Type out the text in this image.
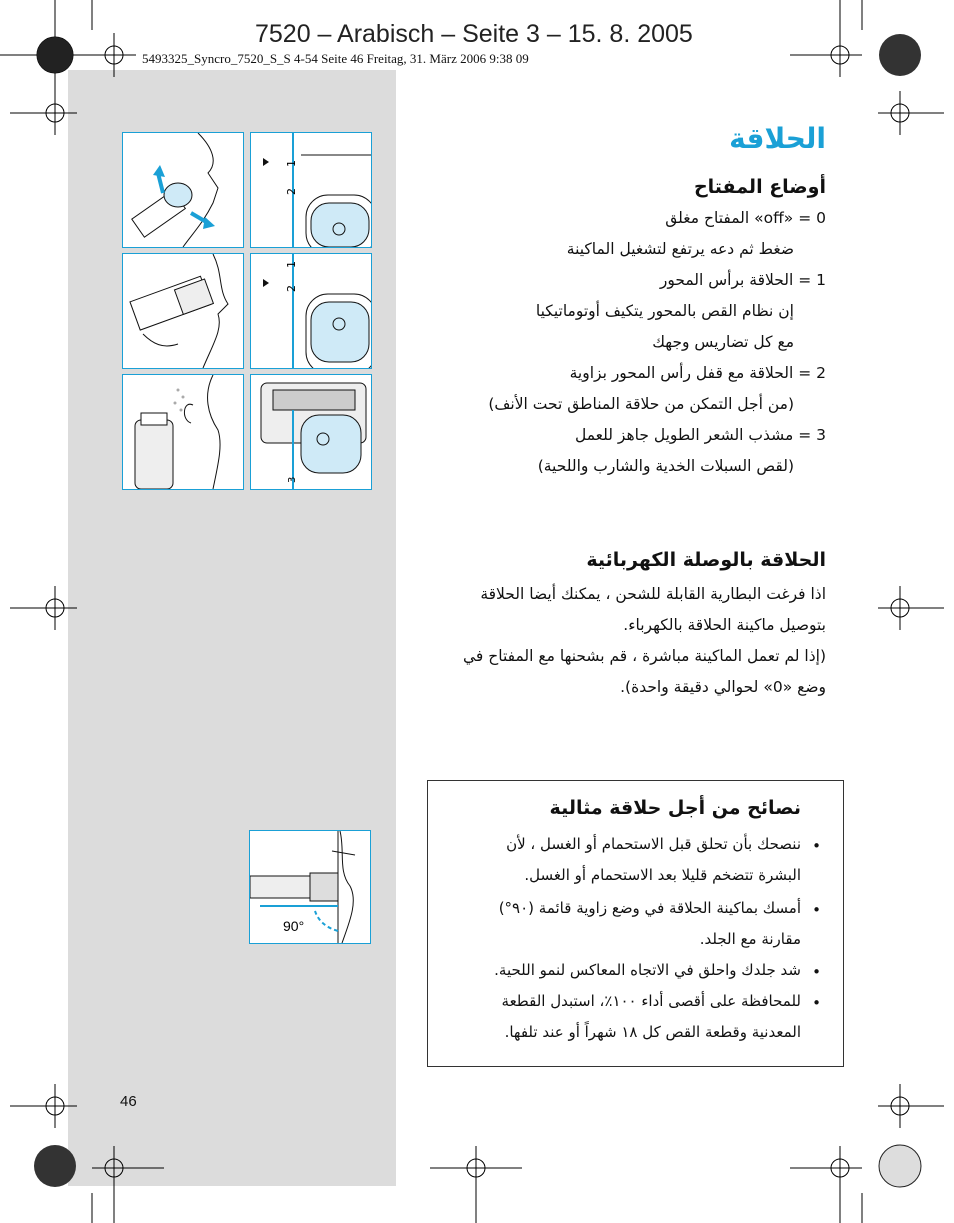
7520 – Arabisch – Seite 3 – 15. 8. 2005
5493325_Syncro_7520_S_S 4-54 Seite 46 Freitag, 31. März 2006 9:38 09
1
2
1
2
3
الحلاقة
أوضاع المفتاح
0 = «off» المفتاح مغلق
ضغط ثم دعه يرتفع لتشغيل الماكينة
1 = الحلاقة برأس المحور
إن نظام القص بالمحور يتكيف أوتوماتيكيا
مع كل تضاريس وجهك
2 = الحلاقة مع قفل رأس المحور بزاوية
(من أجل التمكن من حلاقة المناطق تحت الأنف)
3 = مشذب الشعر الطويل جاهز للعمل
(لقص السبلات الخدية والشارب واللحية)
الحلاقة بالوصلة الكهربائية
اذا فرغت البطارية القابلة للشحن ، يمكنك أيضا الحلاقة
بتوصيل ماكينة الحلاقة بالكهرباء.
(إذا لم تعمل الماكينة مباشرة ، قم بشحنها مع المفتاح في
وضع «0» لحوالي دقيقة واحدة).
90°
نصائح من أجل حلاقة مثالية
•
ننصحك بأن تحلق قبل الاستحمام أو الغسل ، لأن
البشرة تتضخم قليلا بعد الاستحمام أو الغسل.
•
أمسك بماكينة الحلاقة في وضع زاوية قائمة (٩٠°)
مقارنة مع الجلد.
•
شد جلدك واحلق في الاتجاه المعاكس لنمو اللحية.
•
للمحافظة على أقصى أداء ١٠٠٪، استبدل القطعة
المعدنية وقطعة القص كل ١٨ شهراً أو عند تلفها.
46
